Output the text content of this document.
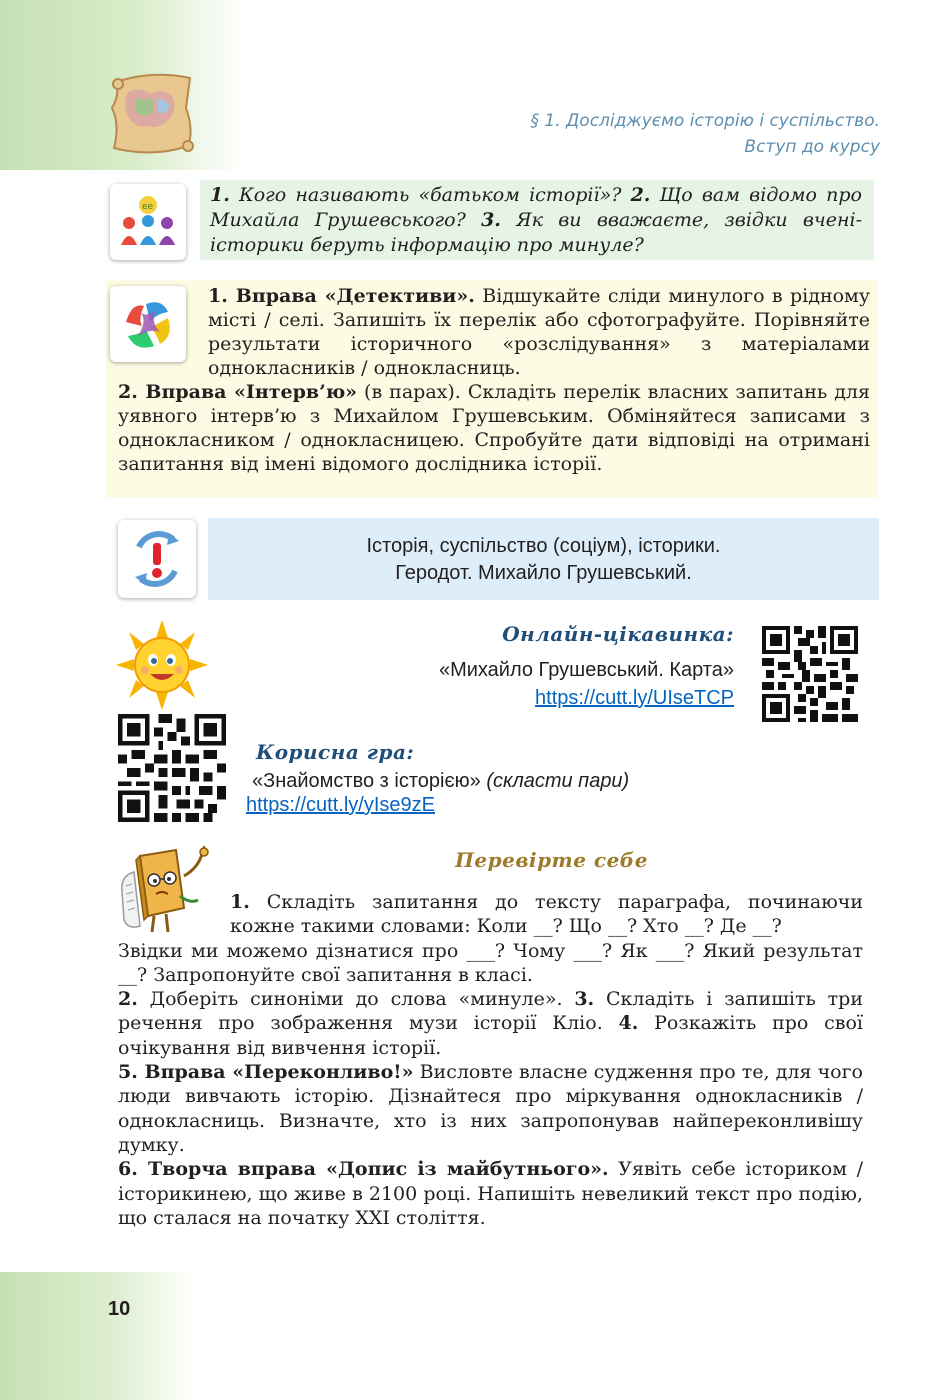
§ 1. Досліджуємо історію і суспільство.
Вступ до курсу
ee
1. Кого називають «батьком історії»? 2. Що вам відомо про Михайла Грушевського? 3. Як ви вважаєте, звідки вчені-історики беруть інформацію про минуле?
1. Вправа «Детективи». Відшукайте сліди минулого в рідному місті / селі. Запишіть їх перелік або сфотографуйте. Порівняйте результати історичного «розслідування» з матеріалами однокласників / однокласниць.
2. Вправа «Інтерв’ю» (в парах). Складіть перелік власних запитань для уявного інтерв’ю з Михайлом Грушевським. Обміняйтеся записами з однокласником / однокласницею. Спробуйте дати відповіді на отримані запитання від імені відомого дослідника історії.
Історія, суспільство (соціум), історики.
Геродот. Михайло Грушевський.
Онлайн-цікавинка:
«Михайло Грушевський. Карта»
https://cutt.ly/UIseTCP
Корисна гра:
«Знайомство з історією» (скласти пари)
https://cutt.ly/yIse9zE
Перевірте себе
1. Складіть запитання до тексту параграфа, починаючи кожне такими словами: Коли __? Що __? Хто __? Де __?
Звідки ми можемо дізнатися про ___? Чому ___? Як ___? Який результат __? Запропонуйте свої запитання в класі.
2. Доберіть синоніми до слова «минуле». 3. Складіть і запишіть три речення про зображення музи історії Кліо. 4. Розкажіть про свої очікування від вивчення історії.
5. Вправа «Переконливо!» Висловте власне судження про те, для чого люди вивчають історію. Дізнайтеся про міркування однокласників / однокласниць. Визначте, хто із них запропонував найпереконливішу думку.
6. Творча вправа «Допис із майбутнього». Уявіть себе істориком / історикинею, що живе в 2100 році. Напишіть невеликий текст про подію, що сталася на початку XXI століття.
10
